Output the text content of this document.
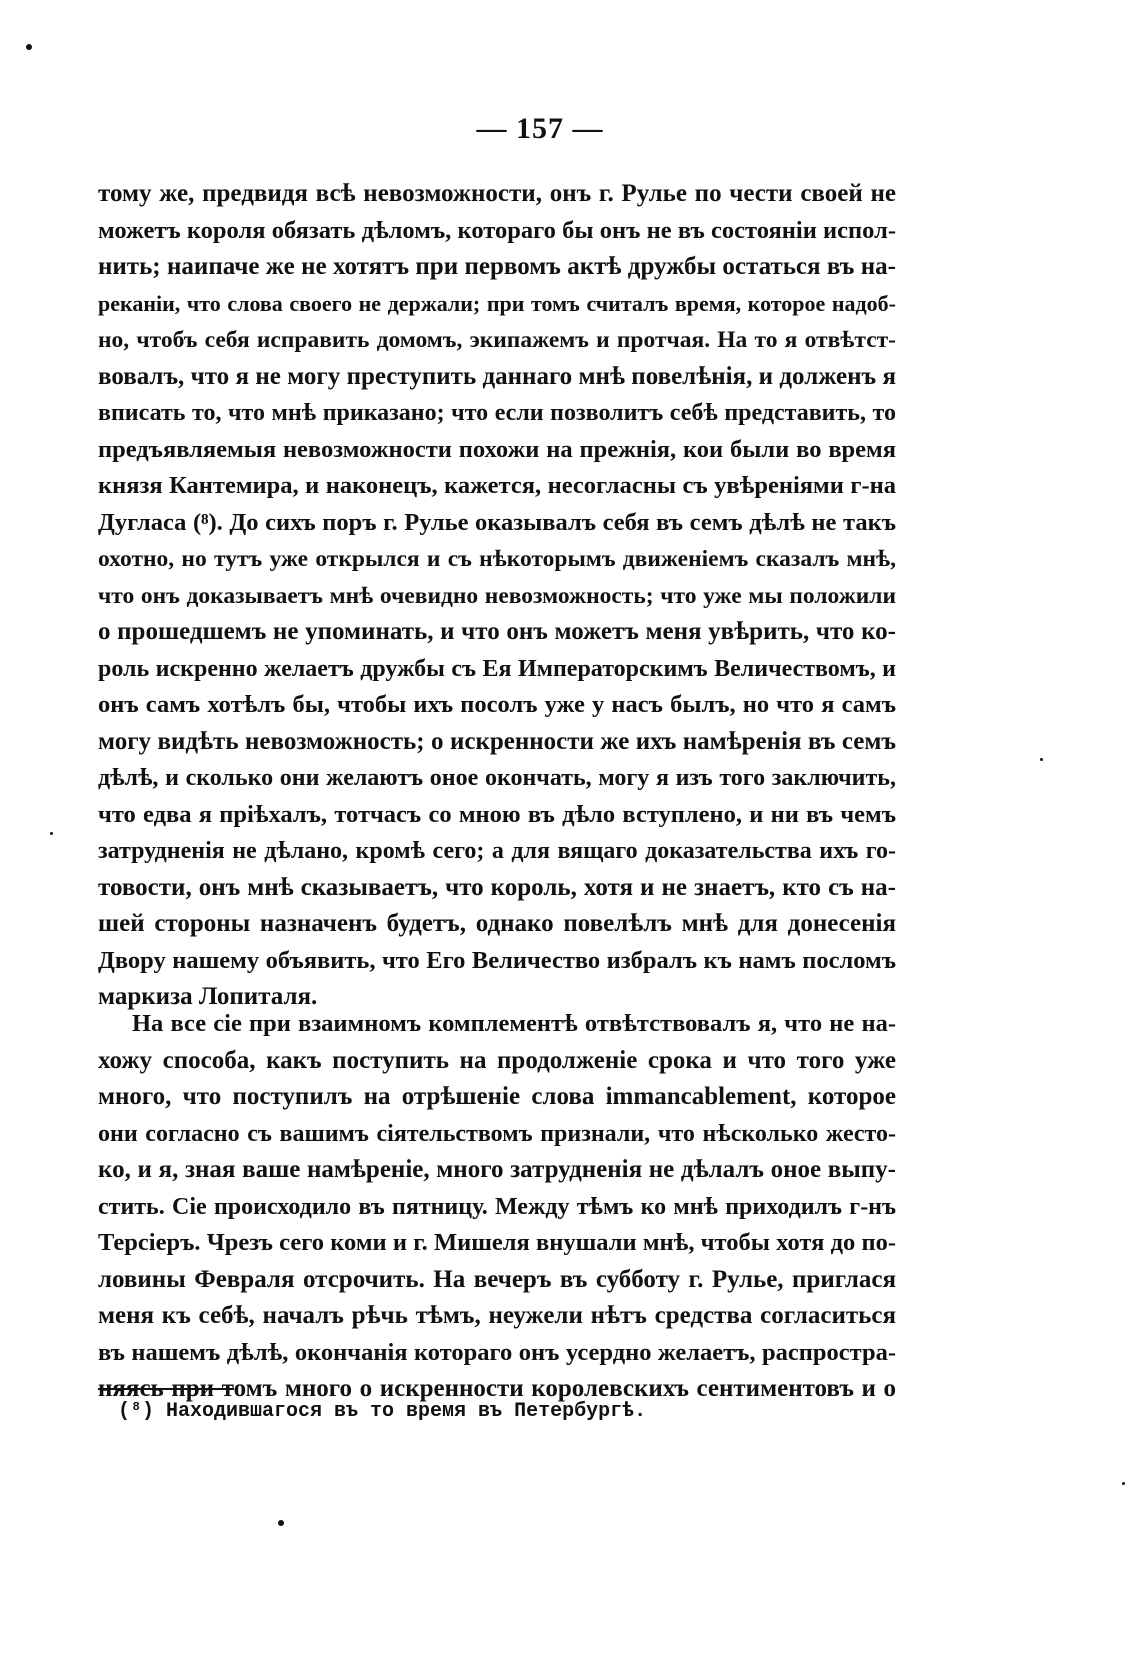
— 157 —
тому же, предвидя всѣ невозможности, онъ г. Рулье по чести своей не
можетъ короля обязать дѣломъ, котораго бы онъ не въ состояніи испол-
нить; наипаче же не хотятъ при первомъ актѣ дружбы остаться въ на-
реканіи, что слова своего не держали; при томъ считалъ время, которое надоб-
но, чтобъ себя исправить домомъ, экипажемъ и протчая. На то я отвѣтст-
вовалъ, что я не могу преступить даннаго мнѣ повелѣнія, и долженъ я
вписать то, что мнѣ приказано; что если позволитъ себѣ представить, то
предъявляемыя невозможности похожи на прежнія, кои были во время
князя Кантемира, и наконецъ, кажется, несогласны съ увѣреніями г-на
Дугласа (⁸). До сихъ поръ г. Рулье оказывалъ себя въ семъ дѣлѣ не такъ
охотно, но тутъ уже открылся и съ нѣкоторымъ движеніемъ сказалъ мнѣ,
что онъ доказываетъ мнѣ очевидно невозможность; что уже мы положили
о прошедшемъ не упоминать, и что онъ можетъ меня увѣрить, что ко-
роль искренно желаетъ дружбы съ Ея Императорскимъ Величествомъ, и
онъ самъ хотѣлъ бы, чтобы ихъ посолъ уже у насъ былъ, но что я самъ
могу видѣть невозможность; о искренности же ихъ намѣренія въ семъ
дѣлѣ, и сколько они желаютъ оное окончать, могу я изъ того заключить,
что едва я пріѣхалъ, тотчасъ со мною въ дѣло вступлено, и ни въ чемъ
затрудненія не дѣлано, кромѣ сего; а для вящаго доказательства ихъ го-
товости, онъ мнѣ сказываетъ, что король, хотя и не знаетъ, кто съ на-
шей стороны назначенъ будетъ, однако повелѣлъ мнѣ для донесенія
Двору нашему объявить, что Его Величество избралъ къ намъ посломъ
маркиза Лопиталя.
На все сіе при взаимномъ комплементѣ отвѣтствовалъ я, что не на-
хожу способа, какъ поступить на продолженіе срока и что того уже
много, что поступилъ на отрѣшеніе слова immancablement, которое
они согласно съ вашимъ сіятельствомъ признали, что нѣсколько жесто-
ко, и я, зная ваше намѣреніе, много затрудненія не дѣлалъ оное выпу-
стить. Сіе происходило въ пятницу. Между тѣмъ ко мнѣ приходилъ г-нъ
Терсіеръ. Чрезъ сего коми и г. Мишеля внушали мнѣ, чтобы хотя до по-
ловины Февраля отсрочить. На вечеръ въ субботу г. Рулье, приглася
меня къ себѣ, началъ рѣчь тѣмъ, неужели нѣтъ средства согласиться
въ нашемъ дѣлѣ, окончанія котораго онъ усердно желаетъ, распростра-
няясь при томъ много о искренности королевскихъ сентиментовъ и о
(⁸) Находившагося въ то время въ Петербургѣ.
